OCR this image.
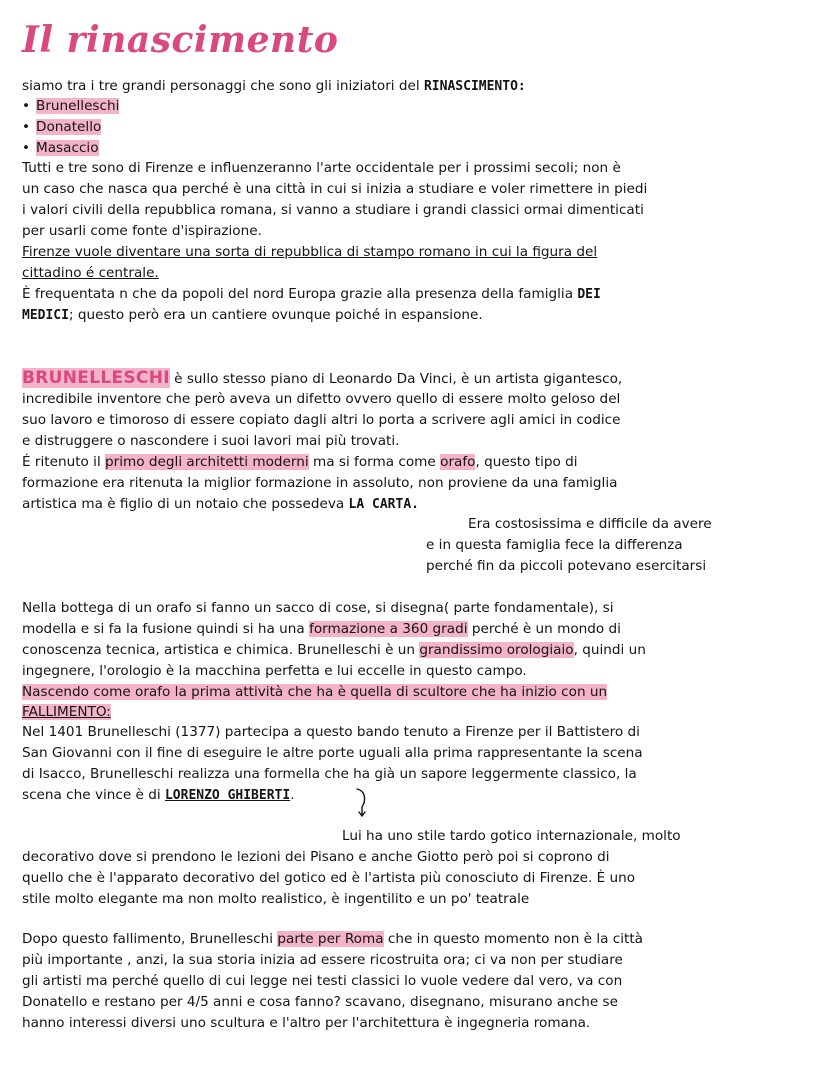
Il rinascimento
siamo tra i tre grandi personaggi che sono gli iniziatori del RINASCIMENTO:
• Brunelleschi
• Donatello
• Masaccio
Tutti e tre sono di Firenze e influenzeranno l'arte occidentale per i prossimi secoli; non è
un caso che nasca qua perché è una città in cui si inizia a studiare e voler rimettere in piedi
i valori civili della repubblica romana, si vanno a studiare i grandi classici ormai dimenticati
per usarli come fonte d'ispirazione.
Firenze vuole diventare una sorta di repubblica di stampo romano in cui la figura del
cittadino é centrale.
È frequentata n che da popoli del nord Europa grazie alla presenza della famiglia DEI
MEDICI; questo però era un cantiere ovunque poiché in espansione.
BRUNELLESCHI è sullo stesso piano di Leonardo Da Vinci, è un artista gigantesco,
incredibile inventore che però aveva un difetto ovvero quello di essere molto geloso del
suo lavoro e timoroso di essere copiato dagli altri lo porta a scrivere agli amici in codice
e distruggere o nascondere i suoi lavori mai più trovati.
É ritenuto il primo degli architetti moderni ma si forma come orafo, questo tipo di
formazione era ritenuta la miglior formazione in assoluto, non proviene da una famiglia
artistica ma è figlio di un notaio che possedeva LA CARTA.
Era costosissima e difficile da avere
e in questa famiglia fece la differenza
perché fin da piccoli potevano esercitarsi
Nella bottega di un orafo si fanno un sacco di cose, si disegna( parte fondamentale), si
modella e si fa la fusione quindi si ha una formazione a 360 gradi perché è un mondo di
conoscenza tecnica, artistica e chimica. Brunelleschi è un grandissimo orologiaio, quindi un
ingegnere, l'orologio è la macchina perfetta e lui eccelle in questo campo.
Nascendo come orafo la prima attività che ha è quella di scultore che ha inizio con un
FALLIMENTO:
Nel 1401 Brunelleschi (1377) partecipa a questo bando tenuto a Firenze per il Battistero di
San Giovanni con il fine di eseguire le altre porte uguali alla prima rappresentante la scena
di Isacco, Brunelleschi realizza una formella che ha già un sapore leggermente classico, la
scena che vince è di LORENZO GHIBERTI.
Lui ha uno stile tardo gotico internazionale, molto
decorativo dove si prendono le lezioni dei Pisano e anche Giotto però poi si coprono di
quello che è l'apparato decorativo del gotico ed è l'artista più conosciuto di Firenze. È uno
stile molto elegante ma non molto realistico, è ingentilito e un po' teatrale
Dopo questo fallimento, Brunelleschi parte per Roma che in questo momento non è la città
più importante , anzi, la sua storia inizia ad essere ricostruita ora; ci va non per studiare
gli artisti ma perché quello di cui legge nei testi classici lo vuole vedere dal vero, va con
Donatello e restano per 4/5 anni e cosa fanno? scavano, disegnano, misurano anche se
hanno interessi diversi uno scultura e l'altro per l'architettura è ingegneria romana.
